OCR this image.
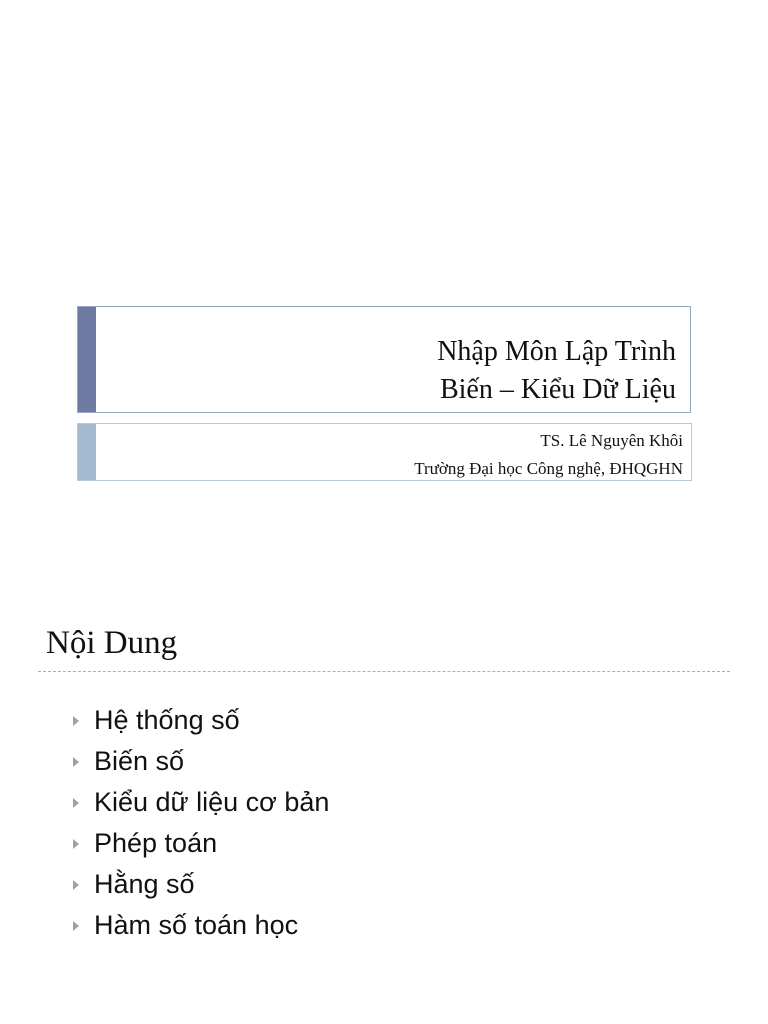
Nhập Môn Lập Trình
Biến – Kiểu Dữ Liệu
TS. Lê Nguyên Khôi
Trường Đại học Công nghệ, ĐHQGHN
Nội Dung
Hệ thống số
Biến số
Kiểu dữ liệu cơ bản
Phép toán
Hằng số
Hàm số toán học
